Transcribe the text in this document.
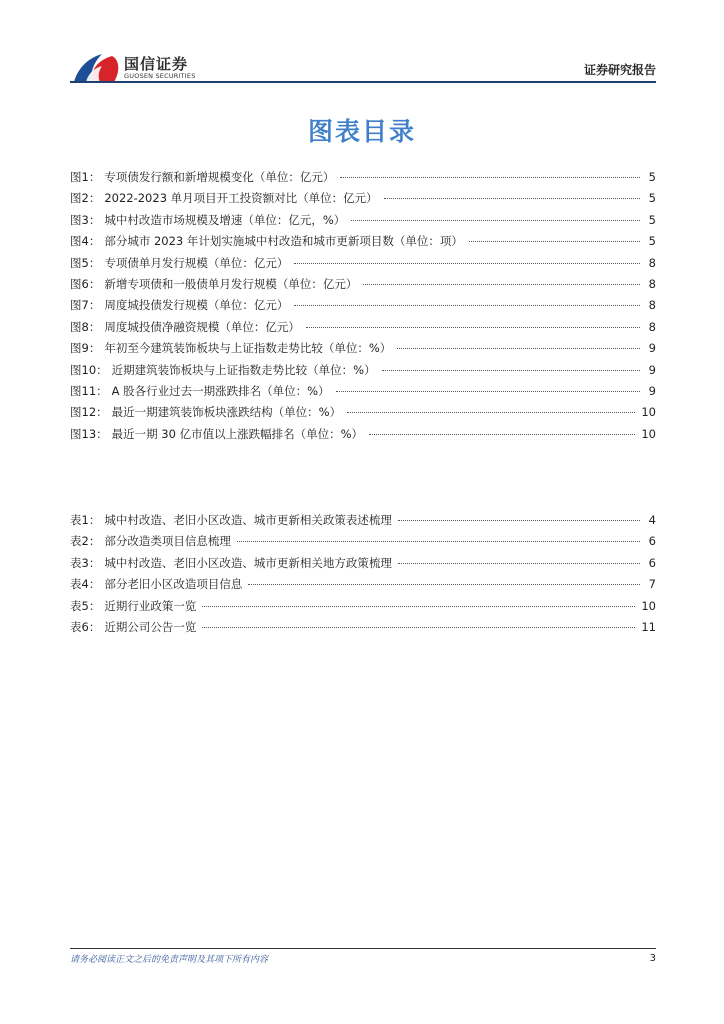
国信证券
GUOSEN SECURITIES	证券研究报告
图表目录
图1： 专项债发行额和新增规模变化（单位：亿元）	5
图2： 2022-2023 单月项目开工投资额对比（单位：亿元）	5
图3： 城中村改造市场规模及增速（单位：亿元，%）	5
图4： 部分城市 2023 年计划实施城中村改造和城市更新项目数（单位：项）	5
图5： 专项债单月发行规模（单位：亿元）	8
图6： 新增专项债和一般债单月发行规模（单位：亿元）	8
图7： 周度城投债发行规模（单位：亿元）	8
图8： 周度城投债净融资规模（单位：亿元）	8
图9： 年初至今建筑装饰板块与上证指数走势比较（单位：%）	9
图10： 近期建筑装饰板块与上证指数走势比较（单位：%）	9
图11： A 股各行业过去一期涨跌排名（单位：%）	9
图12： 最近一期建筑装饰板块涨跌结构（单位：%）	10
图13： 最近一期 30 亿市值以上涨跌幅排名（单位：%）	10
表1： 城中村改造、老旧小区改造、城市更新相关政策表述梳理	4
表2： 部分改造类项目信息梳理	6
表3： 城中村改造、老旧小区改造、城市更新相关地方政策梳理	6
表4： 部分老旧小区改造项目信息	7
表5： 近期行业政策一览	10
表6： 近期公司公告一览	11
请务必阅读正文之后的免责声明及其项下所有内容	3
